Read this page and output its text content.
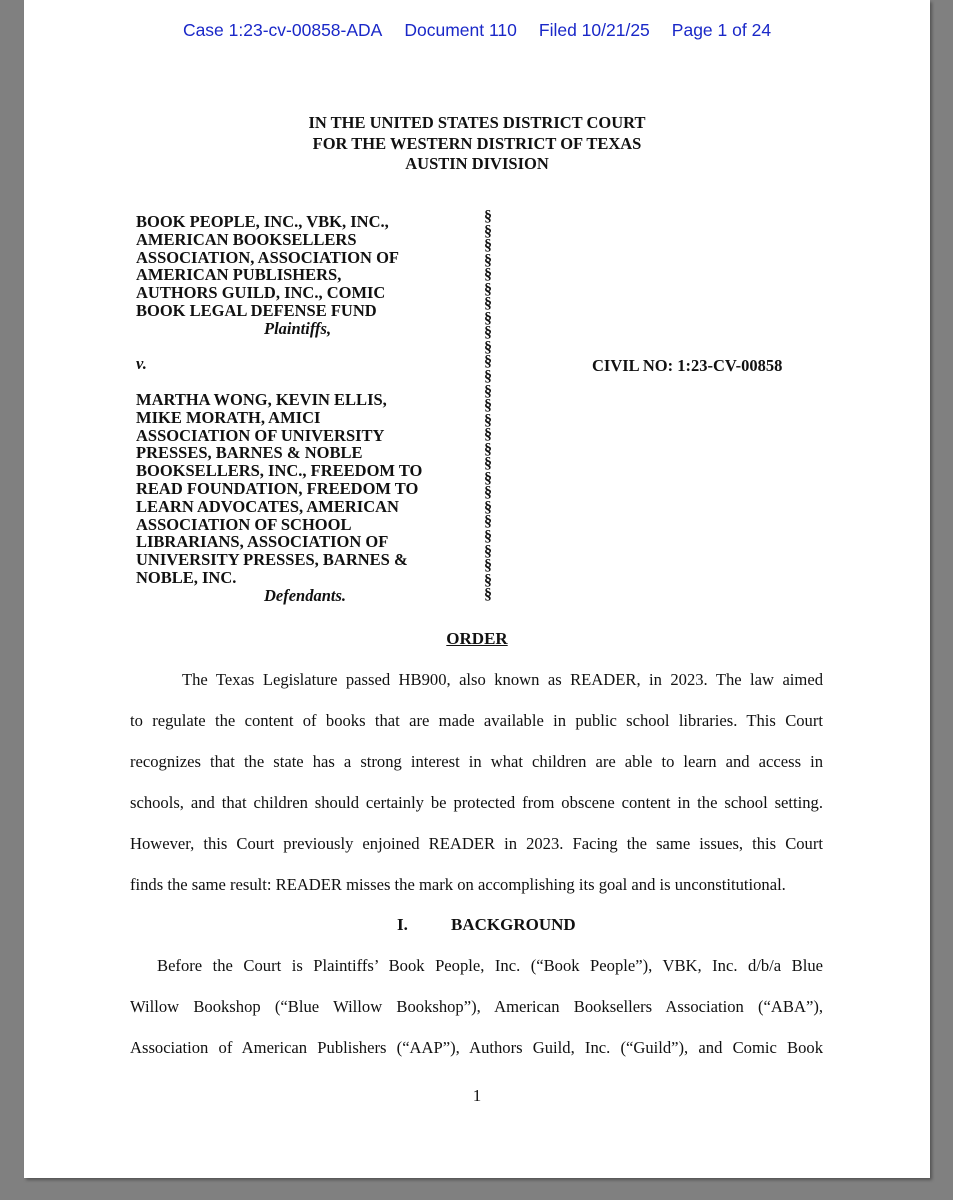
Case 1:23-cv-00858-ADA Document 110 Filed 10/21/25 Page 1 of 24
IN THE UNITED STATES DISTRICT COURT
FOR THE WESTERN DISTRICT OF TEXAS
AUSTIN DIVISION
BOOK PEOPLE, INC., VBK, INC.,
AMERICAN BOOKSELLERS
ASSOCIATION, ASSOCIATION OF
AMERICAN PUBLISHERS,
AUTHORS GUILD, INC., COMIC
BOOK LEGAL DEFENSE FUND
Plaintiffs,
v.
MARTHA WONG, KEVIN ELLIS,
MIKE MORATH, AMICI
ASSOCIATION OF UNIVERSITY
PRESSES, BARNES & NOBLE
BOOKSELLERS, INC., FREEDOM TO
READ FOUNDATION, FREEDOM TO
LEARN ADVOCATES, AMERICAN
ASSOCIATION OF SCHOOL
LIBRARIANS, ASSOCIATION OF
UNIVERSITY PRESSES, BARNES &
NOBLE, INC.
Defendants.
§
§
§
§
§
§
§
§
§
§
§
§
§
§
§
§
§
§
§
§
§
§
§
§
§
§
§
CIVIL NO: 1:23-CV-00858
ORDER
The Texas Legislature passed HB900, also known as READER, in 2023. The law aimed
to regulate the content of books that are made available in public school libraries. This Court
recognizes that the state has a strong interest in what children are able to learn and access in
schools, and that children should certainly be protected from obscene content in the school setting.
However, this Court previously enjoined READER in 2023. Facing the same issues, this Court
finds the same result: READER misses the mark on accomplishing its goal and is unconstitutional.
I.	BACKGROUND
Before the Court is Plaintiffs’ Book People, Inc. (“Book People”), VBK, Inc. d/b/a Blue
Willow Bookshop (“Blue Willow Bookshop”), American Booksellers Association (“ABA”),
Association of American Publishers (“AAP”), Authors Guild, Inc. (“Guild”), and Comic Book
1
